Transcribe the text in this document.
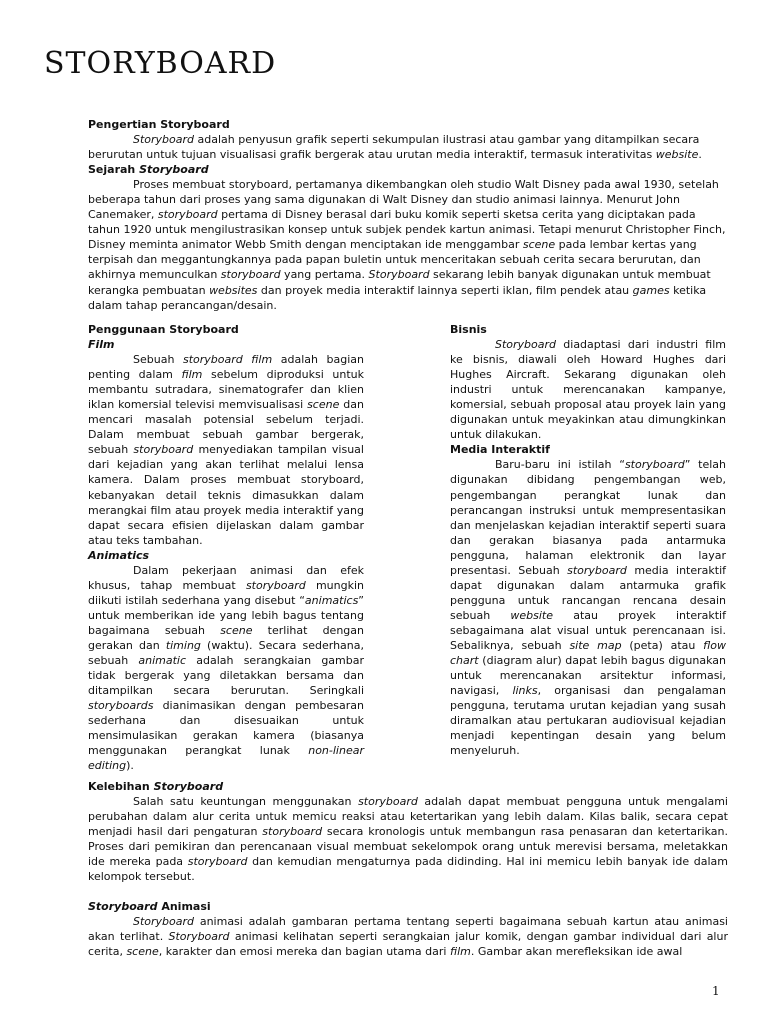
STORYBOARD

Pengertian Storyboard

Storyboard adalah penyusun grafik seperti sekumpulan ilustrasi atau gambar yang ditampilkan secara berurutan untuk tujuan visualisasi grafik bergerak atau urutan media interaktif, termasuk interativitas website.

Sejarah Storyboard

Proses membuat storyboard, pertamanya dikembangkan oleh studio Walt Disney pada awal 1930, setelah beberapa tahun dari proses yang sama digunakan di Walt Disney dan studio animasi lainnya. Menurut John Canemaker, storyboard pertama di Disney berasal dari buku komik seperti sketsa cerita yang diciptakan pada tahun 1920 untuk mengilustrasikan konsep untuk subjek pendek kartun animasi. Tetapi menurut Christopher Finch, Disney meminta animator Webb Smith dengan menciptakan ide menggambar scene pada lembar kertas yang terpisah dan meggantungkannya pada papan buletin untuk menceritakan sebuah cerita secara berurutan, dan akhirnya memunculkan storyboard yang pertama. Storyboard sekarang lebih banyak digunakan untuk membuat kerangka pembuatan websites dan proyek media interaktif lainnya seperti iklan, film pendek atau games ketika dalam tahap perancangan/desain.

Penggunaan Storyboard

Film

Sebuah storyboard film adalah bagian penting dalam film sebelum diproduksi untuk membantu sutradara, sinematografer dan klien iklan komersial televisi memvisualisasi scene dan mencari masalah potensial sebelum terjadi. Dalam membuat sebuah gambar bergerak, sebuah storyboard menyediakan tampilan visual dari kejadian yang akan terlihat melalui lensa kamera. Dalam proses membuat storyboard, kebanyakan detail teknis dimasukkan dalam merangkai film atau proyek media interaktif yang dapat secara efisien dijelaskan dalam gambar atau teks tambahan.

Animatics

Dalam pekerjaan animasi dan efek khusus, tahap membuat storyboard mungkin diikuti istilah sederhana yang disebut “animatics” untuk memberikan ide yang lebih bagus tentang bagaimana sebuah scene terlihat dengan gerakan dan timing (waktu). Secara sederhana, sebuah animatic adalah serangkaian gambar tidak bergerak yang diletakkan bersama dan ditampilkan secara berurutan. Seringkali storyboards dianimasikan dengan pembesaran sederhana dan disesuaikan untuk mensimulasikan gerakan kamera (biasanya menggunakan perangkat lunak non-linear editing).

Bisnis

Storyboard diadaptasi dari industri film ke bisnis, diawali oleh Howard Hughes dari Hughes Aircraft. Sekarang digunakan oleh industri untuk merencanakan kampanye, komersial, sebuah proposal atau proyek lain yang digunakan untuk meyakinkan atau dimungkinkan untuk dilakukan.

Media Interaktif

Baru-baru ini istilah “storyboard” telah digunakan dibidang pengembangan web, pengembangan perangkat lunak dan perancangan instruksi untuk mempresentasikan dan menjelaskan kejadian interaktif seperti suara dan gerakan biasanya pada antarmuka pengguna, halaman elektronik dan layar presentasi. Sebuah storyboard media interaktif dapat digunakan dalam antarmuka grafik pengguna untuk rancangan rencana desain sebuah website atau proyek interaktif sebagaimana alat visual untuk perencanaan isi. Sebaliknya, sebuah site map (peta) atau flow chart (diagram alur) dapat lebih bagus digunakan untuk merencanakan arsitektur informasi, navigasi, links, organisasi dan pengalaman pengguna, terutama urutan kejadian yang susah diramalkan atau pertukaran audiovisual kejadian menjadi kepentingan desain yang belum menyeluruh.

Kelebihan Storyboard

Salah satu keuntungan menggunakan storyboard adalah dapat membuat pengguna untuk mengalami perubahan dalam alur cerita untuk memicu reaksi atau ketertarikan yang lebih dalam. Kilas balik, secara cepat menjadi hasil dari pengaturan storyboard secara kronologis untuk membangun rasa penasaran dan ketertarikan. Proses dari pemikiran dan perencanaan visual membuat sekelompok orang untuk merevisi bersama, meletakkan ide mereka pada storyboard dan kemudian mengaturnya pada didinding. Hal ini memicu lebih banyak ide dalam kelompok tersebut.

Storyboard Animasi

Storyboard animasi adalah gambaran pertama tentang seperti bagaimana sebuah kartun atau animasi akan terlihat. Storyboard animasi kelihatan seperti serangkaian jalur komik, dengan gambar individual dari alur cerita, scene, karakter dan emosi mereka dan bagian utama dari film. Gambar akan merefleksikan ide awal

1
